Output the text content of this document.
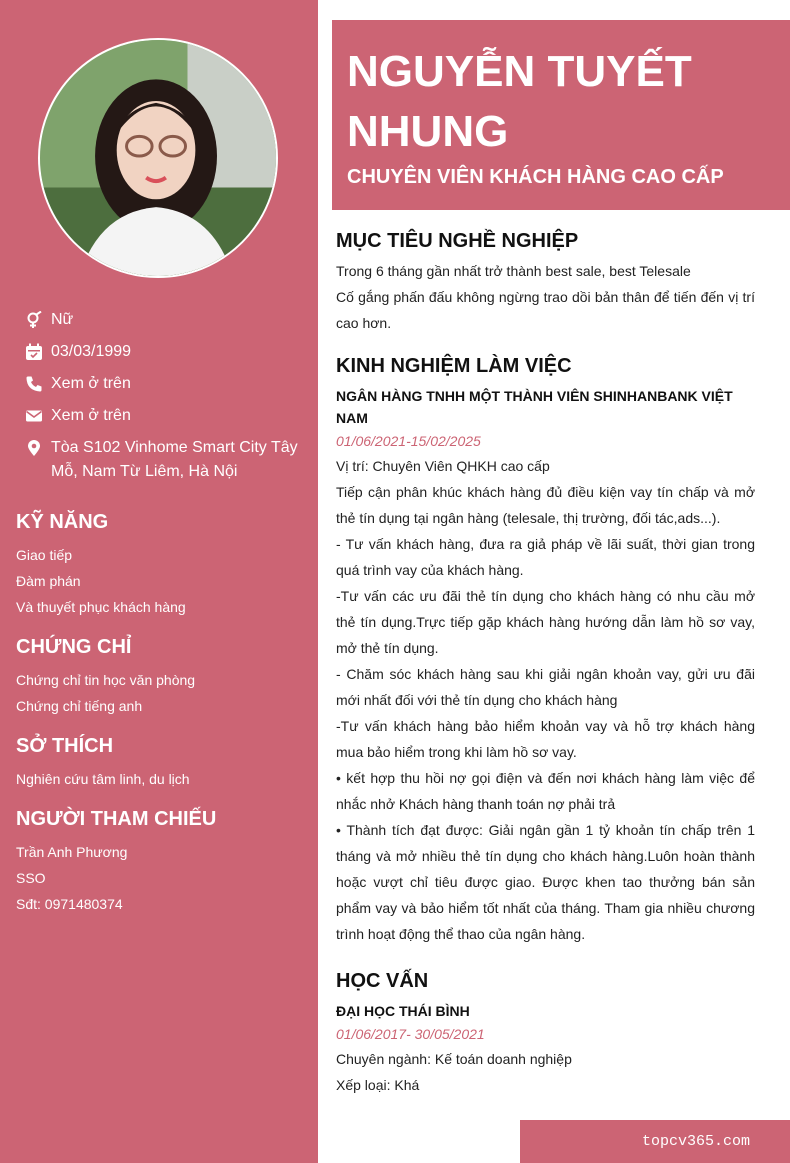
Nữ
03/03/1999
Xem ở trên
Xem ở trên
Tòa S102 Vinhome Smart City Tây Mỗ, Nam Từ Liêm, Hà Nội
KỸ NĂNG
Giao tiếp
Đàm phán
Và thuyết phục khách hàng
CHỨNG CHỈ
Chứng chỉ tin học văn phòng
Chứng chỉ tiếng anh
SỞ THÍCH
Nghiên cứu tâm linh, du lịch
NGƯỜI THAM CHIẾU
Trần Anh Phương
SSO
Sđt: 0971480374
NGUYỄN TUYẾT NHUNG
CHUYÊN VIÊN KHÁCH HÀNG CAO CẤP
MỤC TIÊU NGHỀ NGHIỆP
Trong 6 tháng gần nhất trở thành best sale, best Telesale
Cố gắng phấn đấu không ngừng trao dồi bản thân để tiến đến vị trí cao hơn.
KINH NGHIỆM LÀM VIỆC
NGÂN HÀNG TNHH MỘT THÀNH VIÊN SHINHANBANK VIỆT NAM
01/06/2021-15/02/2025
Vị trí: Chuyên Viên QHKH cao cấp
Tiếp cận phân khúc khách hàng đủ điều kiện vay tín chấp và mở thẻ tín dụng tại ngân hàng (telesale, thị trường, đối tác,ads...).
- Tư vấn khách hàng, đưa ra giả pháp về lãi suất, thời gian trong quá trình vay của khách hàng.
-Tư vấn các ưu đãi thẻ tín dụng cho khách hàng có nhu cầu mở thẻ tín dụng.Trực tiếp gặp khách hàng hướng dẫn làm hồ sơ vay, mở thẻ tín dụng.
- Chăm sóc khách hàng sau khi giải ngân khoản vay, gửi ưu đãi mới nhất đối với thẻ tín dụng cho khách hàng
-Tư vấn khách hàng bảo hiểm khoản vay và hỗ trợ khách hàng mua bảo hiểm trong khi làm hồ sơ vay.
• kết hợp thu hồi nợ gọi điện và đến nơi khách hàng làm việc để nhắc nhở Khách hàng thanh toán nợ phải trả
• Thành tích đạt được: Giải ngân gần 1 tỷ khoản tín chấp trên 1 tháng và mở nhiều thẻ tín dụng cho khách hàng.Luôn hoàn thành hoặc vượt chỉ tiêu được giao. Được khen tao thưởng bán sản phẩm vay và bảo hiểm tốt nhất của tháng. Tham gia nhiều chương trình hoạt động thể thao của ngân hàng.
HỌC VẤN
ĐẠI HỌC THÁI BÌNH
01/06/2017- 30/05/2021
Chuyên ngành: Kế toán doanh nghiệp
Xếp loại: Khá
topcv365.com
